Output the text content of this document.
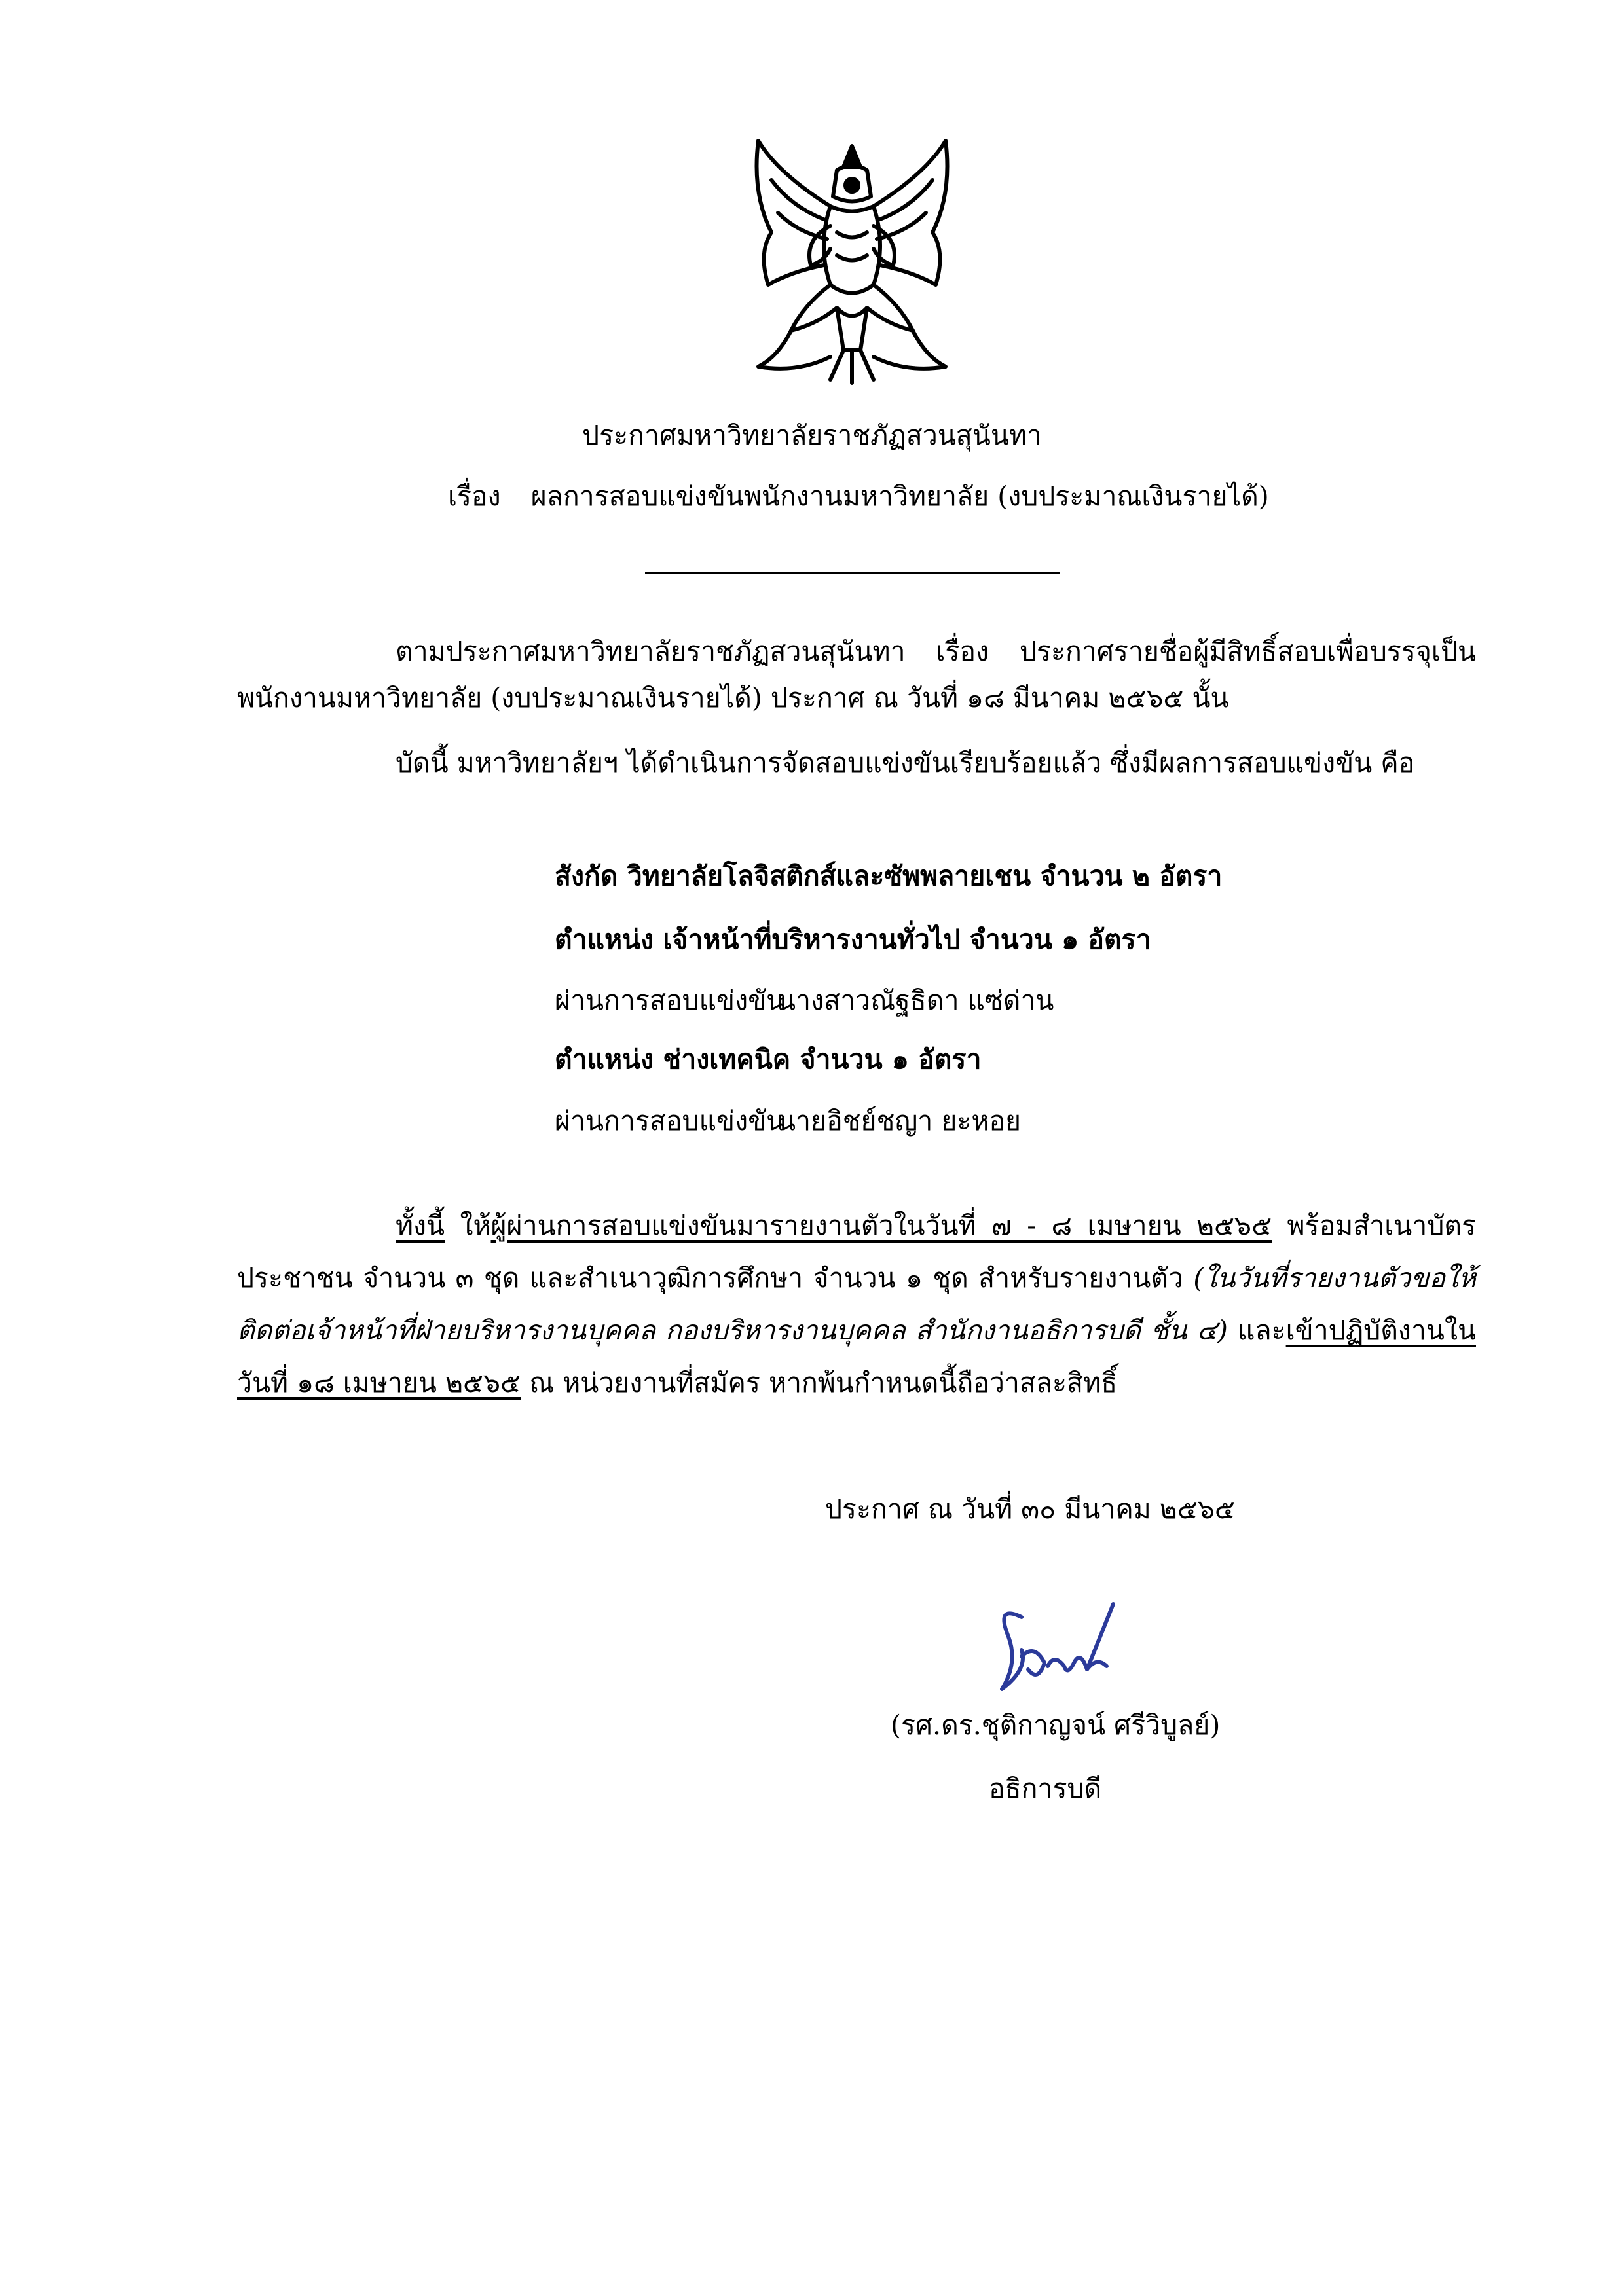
ประกาศมหาวิทยาลัยราชภัฏสวนสุนันทา
เรื่อง ผลการสอบแข่งขันพนักงานมหาวิทยาลัย (งบประมาณเงินรายได้)
ตามประกาศมหาวิทยาลัยราชภัฏสวนสุนันทา เรื่อง ประกาศรายชื่อผู้มีสิทธิ์สอบเพื่อบรรจุเป็น
พนักงานมหาวิทยาลัย (งบประมาณเงินรายได้) ประกาศ ณ วันที่ ๑๘ มีนาคม ๒๕๖๕ นั้น
บัดนี้ มหาวิทยาลัยฯ ได้ดำเนินการจัดสอบแข่งขันเรียบร้อยแล้ว ซึ่งมีผลการสอบแข่งขัน คือ
สังกัด วิทยาลัยโลจิสติกส์และซัพพลายเชน จำนวน ๒ อัตรา
ตำแหน่ง เจ้าหน้าที่บริหารงานทั่วไป จำนวน ๑ อัตรา
ผ่านการสอบแข่งขันนางสาวณัฐธิดา แซ่ด่าน
ตำแหน่ง ช่างเทคนิค จำนวน ๑ อัตรา
ผ่านการสอบแข่งขันนายอิชย์ชญา ยะหอย
ทั้งนี้ ให้ผู้ผ่านการสอบแข่งขันมารายงานตัวในวันที่ ๗ - ๘ เมษายน ๒๕๖๕ พร้อมสำเนาบัตร
ประชาชน จำนวน ๓ ชุด และสำเนาวุฒิการศึกษา จำนวน ๑ ชุด สำหรับรายงานตัว (ในวันที่รายงานตัวขอให้
ติดต่อเจ้าหน้าที่ฝ่ายบริหารงานบุคคล กองบริหารงานบุคคล สำนักงานอธิการบดี ชั้น ๔) และเข้าปฏิบัติงานใน
วันที่ ๑๘ เมษายน ๒๕๖๕ ณ หน่วยงานที่สมัคร หากพ้นกำหนดนี้ถือว่าสละสิทธิ์
ประกาศ ณ วันที่ ๓๐ มีนาคม ๒๕๖๕
(รศ.ดร.ชุติกาญจน์ ศรีวิบูลย์)
อธิการบดี
